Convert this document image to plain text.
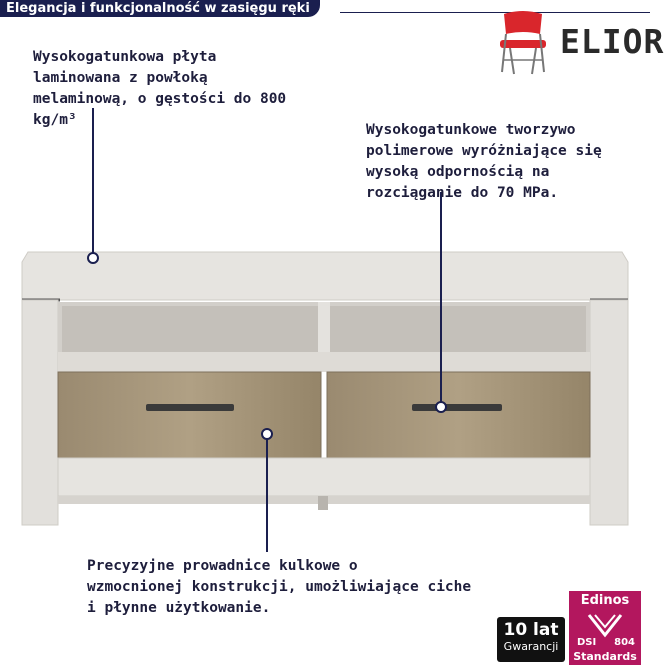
Elegancja i funkcjonalność w zasięgu ręki
ELIOR
Wysokogatunkowa płyta
laminowana z powłoką
melaminową, o gęstości do 800
kg/m³
Wysokogatunkowe tworzywo
polimerowe wyróżniające się
wysoką odpornością na
rozciąganie do 70 MPa.
Precyzyjne prowadnice kulkowe o
wzmocnionej konstrukcji, umożliwiające ciche
i płynne użytkowanie.
10 lat
Gwarancji
Edinos
DSI 804
Standards
